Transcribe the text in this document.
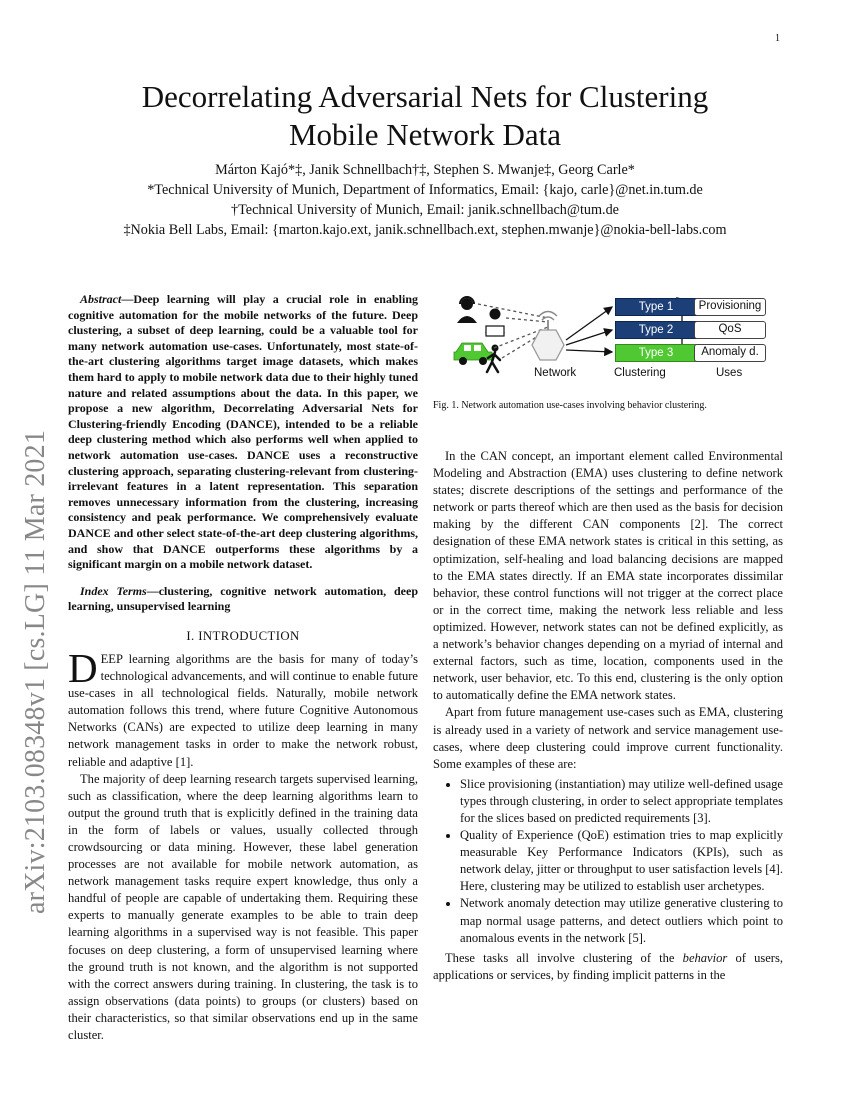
1
arXiv:2103.08348v1 [cs.LG] 11 Mar 2021
Decorrelating Adversarial Nets for Clustering
Mobile Network Data
Márton Kajó*‡, Janik Schnellbach†‡, Stephen S. Mwanje‡, Georg Carle*
*Technical University of Munich, Department of Informatics, Email: {kajo, carle}@net.in.tum.de
†Technical University of Munich, Email: janik.schnellbach@tum.de
‡Nokia Bell Labs, Email: {marton.kajo.ext, janik.schnellbach.ext, stephen.mwanje}@nokia-bell-labs.com
Abstract—Deep learning will play a crucial role in enabling cognitive automation for the mobile networks of the future. Deep clustering, a subset of deep learning, could be a valuable tool for many network automation use-cases. Unfortunately, most state-of-the-art clustering algorithms target image datasets, which makes them hard to apply to mobile network data due to their highly tuned nature and related assumptions about the data. In this paper, we propose a new algorithm, Decorrelating Adversarial Nets for Clustering-friendly Encoding (DANCE), intended to be a reliable deep clustering method which also performs well when applied to network automation use-cases. DANCE uses a reconstructive clustering approach, separating clustering-relevant from clustering-irrelevant features in a latent representation. This separation removes unnecessary information from the clustering, increasing consistency and peak performance. We comprehensively evaluate DANCE and other select state-of-the-art deep clustering algorithms, and show that DANCE outperforms these algorithms by a significant margin on a mobile network dataset.
Index Terms—clustering, cognitive network automation, deep learning, unsupervised learning
I. INTRODUCTION

DEEP learning algorithms are the basis for many of today’s technological advancements, and will continue to enable future use-cases in all technological fields. Naturally, mobile network automation follows this trend, where future Cognitive Autonomous Networks (CANs) are expected to utilize deep learning in many network management tasks in order to make the network robust, reliable and adaptive [1].

The majority of deep learning research targets supervised learning, such as classification, where the deep learning algorithms learn to output the ground truth that is explicitly defined in the training data in the form of labels or values, usually collected through crowdsourcing or data mining. However, these label generation processes are not available for mobile network automation, as network management tasks require expert knowledge, thus only a handful of people are capable of undertaking them. Requiring these experts to manually generate examples to be able to train deep learning algorithms in a supervised way is not feasible. This paper focuses on deep clustering, a form of unsupervised learning where the ground truth is not known, and the algorithm is not supported with the correct answers during training. In clustering, the task is to assign observations (data points) to groups (or clusters) based on their characteristics, so that similar observations end up in the same cluster.

Type 1
Type 2
Type 3
Provisioning
QoS
Anomaly d.
Network	Clustering	Uses
Fig. 1. Network automation use-cases involving behavior clustering.

In the CAN concept, an important element called Environmental Modeling and Abstraction (EMA) uses clustering to define network states; discrete descriptions of the settings and performance of the network or parts thereof which are then used as the basis for decision making by the different CAN components [2]. The correct designation of these EMA network states is critical in this setting, as optimization, self-healing and load balancing decisions are mapped to the EMA states directly. If an EMA state incorporates dissimilar behavior, these control functions will not trigger at the correct place or in the correct time, making the network less reliable and less optimized. However, network states can not be defined explicitly, as a network’s behavior changes depending on a myriad of internal and external factors, such as time, location, components used in the network, user behavior, etc. To this end, clustering is the only option to automatically define the EMA network states.

Apart from future management use-cases such as EMA, clustering is already used in a variety of network and service management use-cases, where deep clustering could improve current functionality. Some examples of these are:

• Slice provisioning (instantiation) may utilize well-defined usage types through clustering, in order to select appropriate templates for the slices based on predicted requirements [3].
• Quality of Experience (QoE) estimation tries to map explicitly measurable Key Performance Indicators (KPIs), such as network delay, jitter or throughput to user satisfaction levels [4]. Here, clustering may be utilized to establish user archetypes.
• Network anomaly detection may utilize generative clustering to map normal usage patterns, and detect outliers which point to anomalous events in the network [5].

These tasks all involve clustering of the behavior of users, applications or services, by finding implicit patterns in the
